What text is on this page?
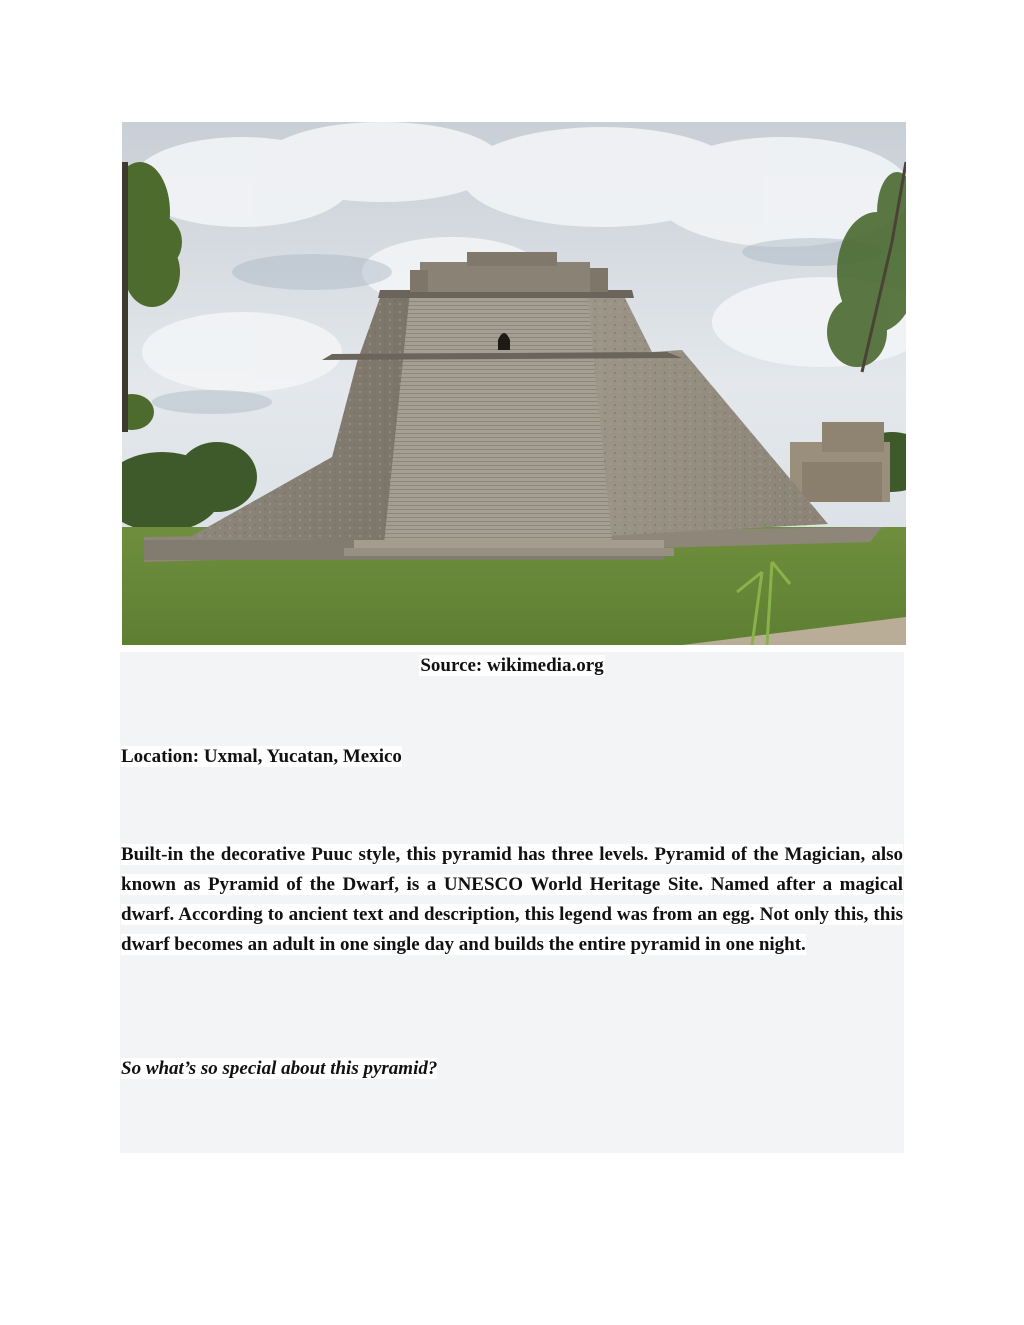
Source: wikimedia.org
Location: Uxmal, Yucatan, Mexico
Built-in the decorative Puuc style, this pyramid has three levels. Pyramid of the Magician, also known as Pyramid of the Dwarf, is a UNESCO World Heritage Site. Named after a magical dwarf. According to ancient text and description, this legend was from an egg. Not only this, this dwarf becomes an adult in one single day and builds the entire pyramid in one night.
So what’s so special about this pyramid?
